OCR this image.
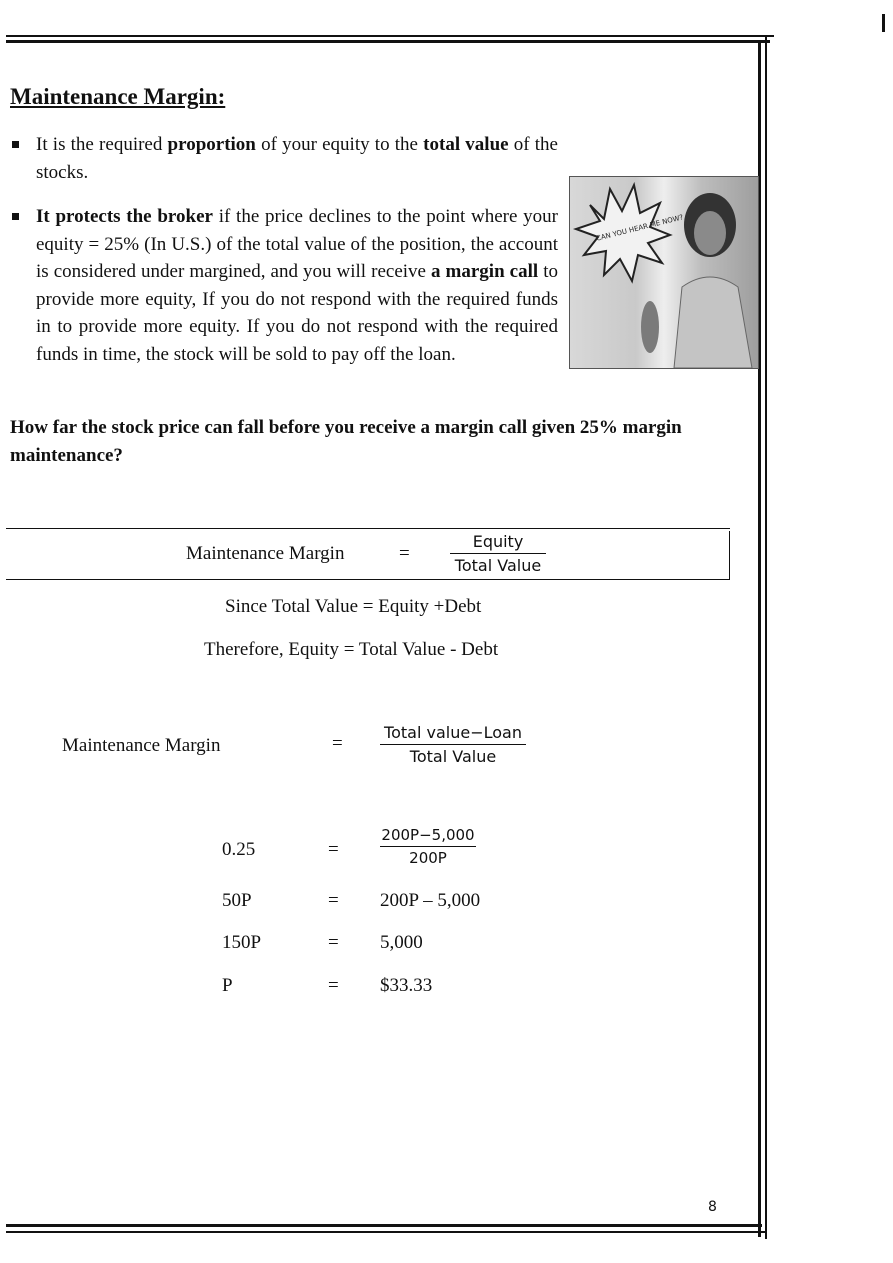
Maintenance Margin:
It is the required proportion of your equity to the total value of the stocks.
It protects the broker if the price declines to the point where your equity = 25% (In U.S.) of the total value of the position, the account is considered under margined, and you will receive a margin call to provide more equity, If you do not respond with the required funds in to provide more equity. If you do not respond with the required funds in time, the stock will be sold to pay off the loan.
CAN YOU HEAR ME NOW?
How far the stock price can fall before you receive a margin call given 25% margin maintenance?
Maintenance Margin	=
Equity
Total Value
Since Total Value = Equity +Debt
Therefore, Equity = Total Value - Debt
Maintenance Margin	=
Total value−Loan
Total Value
0.25	=	$\frac{200P-5,000}{200P}$
50P	= 200P – 5,000
150P	= 5,000
P	= $33.33
8
